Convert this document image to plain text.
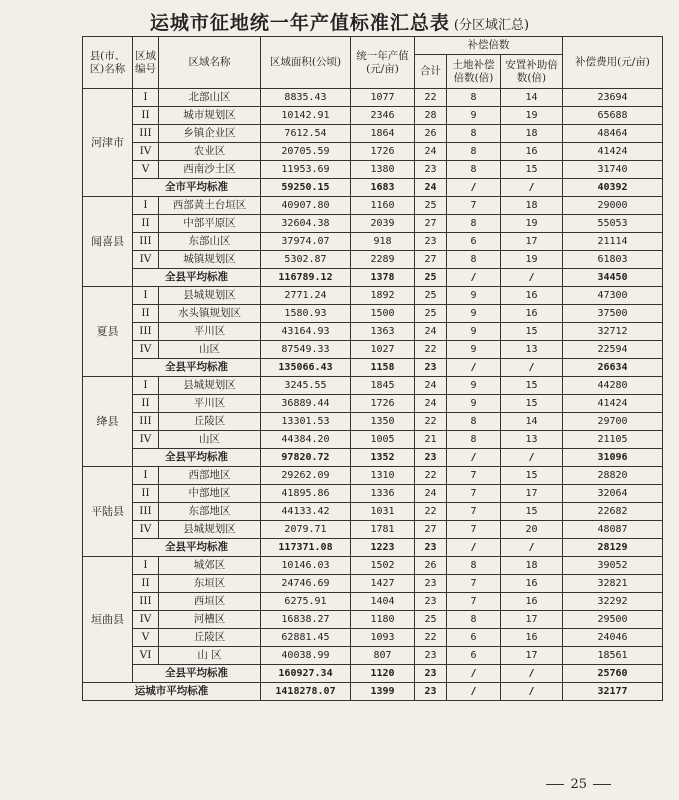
运城市征地统一年产值标准汇总表 (分区域汇总)
县(市、区)名称	区域编号	区域名称	区域面积(公顷)	统一年产值(元/亩)	补偿倍数			补偿费用(元/亩)
					合计	土地补偿倍数(倍)	安置补助倍数(倍)	
河津市	I	北部山区	8835.43	1077	22	8	14	23694
	II	城市规划区	10142.91	2346	28	9	19	65688
	III	乡镇企业区	7612.54	1864	26	8	18	48464
	IV	农业区	20705.59	1726	24	8	16	41424
	V	西南沙土区	11953.69	1380	23	8	15	31740
	全市平均标准		59250.15	1683	24	/	/	40392
闻喜县	I	西部黄土台垣区	40907.80	1160	25	7	18	29000
	II	中部平原区	32604.38	2039	27	8	19	55053
	III	东部山区	37974.07	918	23	6	17	21114
	IV	城镇规划区	5302.87	2289	27	8	19	61803
	全县平均标准		116789.12	1378	25	/	/	34450
夏县	I	县城规划区	2771.24	1892	25	9	16	47300
	II	水头镇规划区	1580.93	1500	25	9	16	37500
	III	平川区	43164.93	1363	24	9	15	32712
	IV	山区	87549.33	1027	22	9	13	22594
	全县平均标准		135066.43	1158	23	/	/	26634
绛县	I	县城规划区	3245.55	1845	24	9	15	44280
	II	平川区	36889.44	1726	24	9	15	41424
	III	丘陵区	13301.53	1350	22	8	14	29700
	IV	山区	44384.20	1005	21	8	13	21105
	全县平均标准		97820.72	1352	23	/	/	31096
平陆县	I	西部地区	29262.09	1310	22	7	15	28820
	II	中部地区	41895.86	1336	24	7	17	32064
	III	东部地区	44133.42	1031	22	7	15	22682
	IV	县城规划区	2079.71	1781	27	7	20	48087
	全县平均标准		117371.08	1223	23	/	/	28129
垣曲县	I	城郊区	10146.03	1502	26	8	18	39052
	II	东垣区	24746.69	1427	23	7	16	32821
	III	西垣区	6275.91	1404	23	7	16	32292
	IV	河槽区	16838.27	1180	25	8	17	29500
	V	丘陵区	62881.45	1093	22	6	16	24046
	VI	山 区	40038.99	807	23	6	17	18561
	全县平均标准		160927.34	1120	23	/	/	25760
运城市平均标准			1418278.07	1399	23	/	/	32177
25
